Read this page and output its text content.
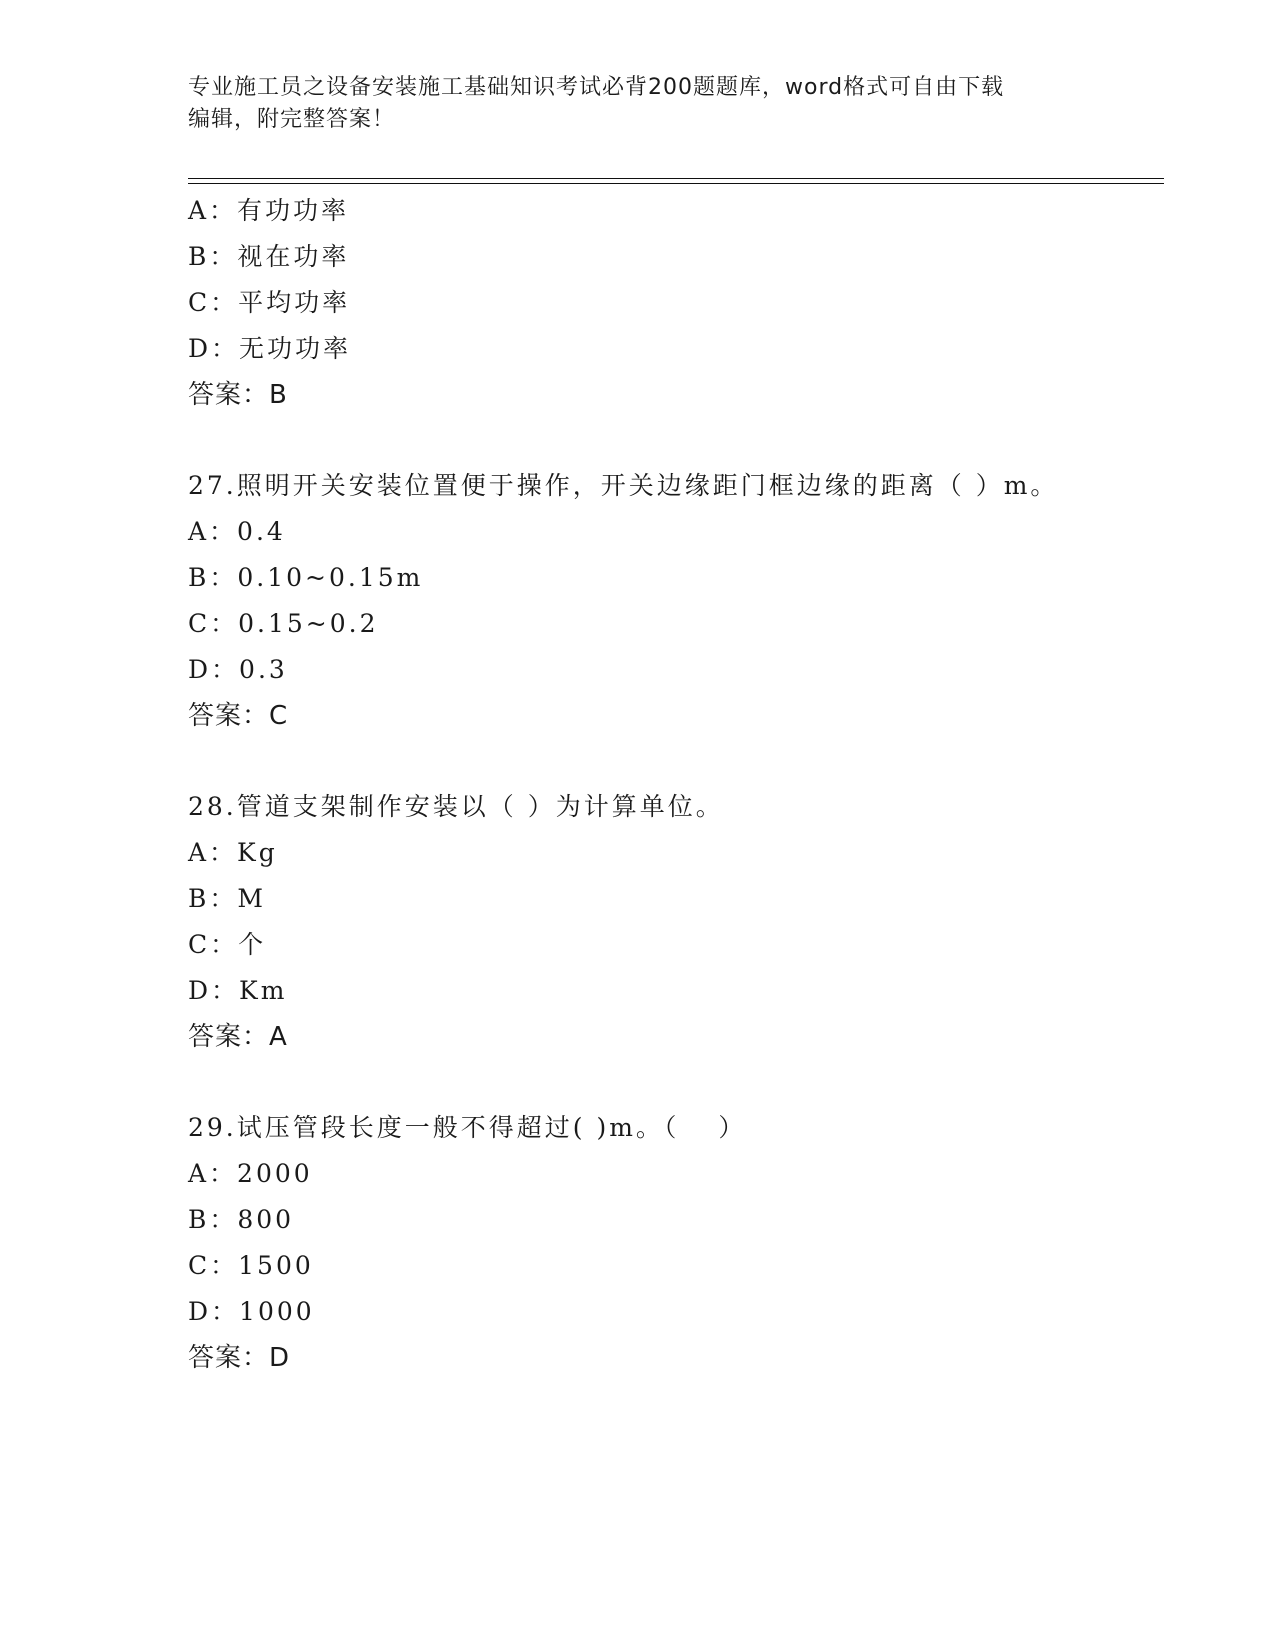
专业施工员之设备安装施工基础知识考试必背200题题库，word格式可自由下载
编辑，附完整答案！
A：有功功率
B：视在功率
C：平均功率
D：无功功率
答案：B
27.照明开关安装位置便于操作，开关边缘距门框边缘的距离（ ）m。
A：0.4
B：0.10~0.15m
C：0.15~0.2
D：0.3
答案：C
28.管道支架制作安装以（ ）为计算单位。
A：Kg
B：M
C：个
D：Km
答案：A
29.试压管段长度一般不得超过( )m。（　 ）
A：2000
B：800
C：1500
D：1000
答案：D
